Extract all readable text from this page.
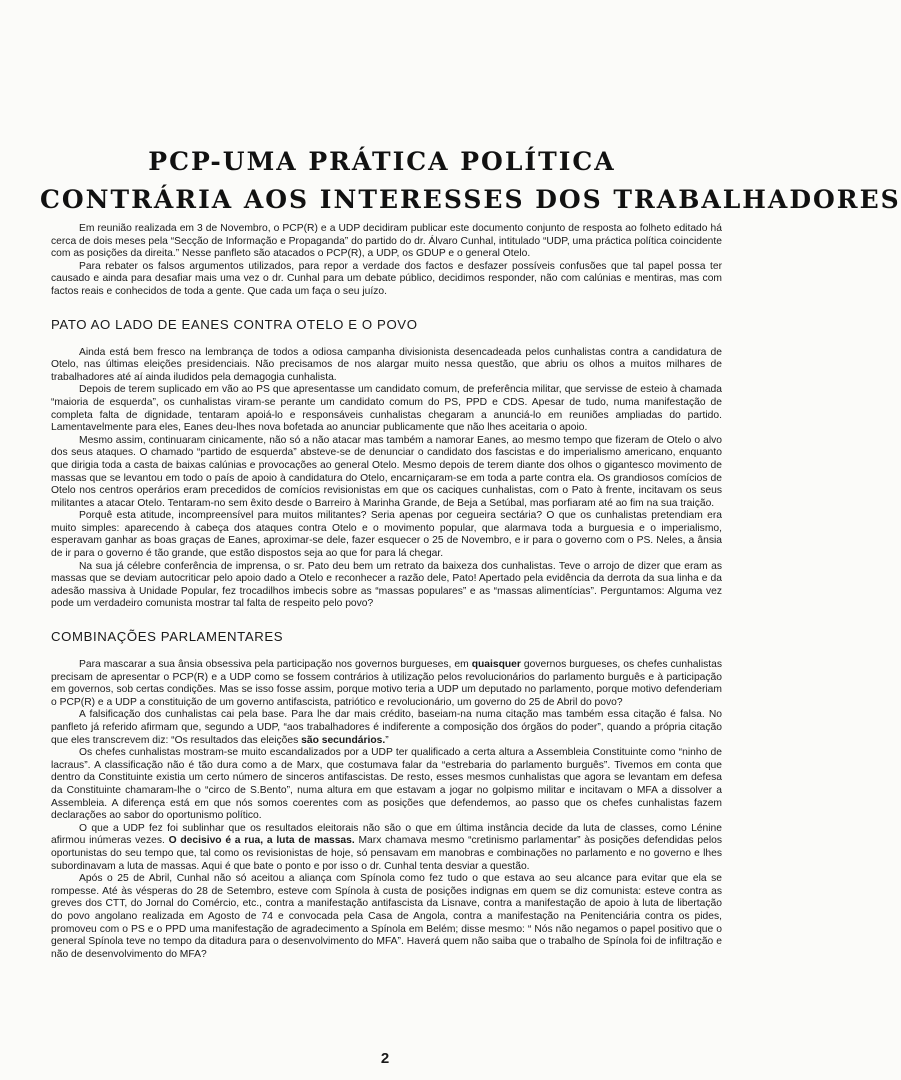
PCP-UMA PRÁTICA POLÍTICA
CONTRÁRIA AOS INTERESSES DOS TRABALHADORES

Em reunião realizada em 3 de Novembro, o PCP(R) e a UDP decidiram publicar este documento conjunto de resposta ao folheto editado há cerca de dois meses pela “Secção de Informação e Propaganda” do partido do dr. Álvaro Cunhal, intitulado “UDP, uma práctica política coincidente com as posições da direita.” Nesse panfleto são atacados o PCP(R), a UDP, os GDUP e o general Otelo.

Para rebater os falsos argumentos utilizados, para repor a verdade dos factos e desfazer possíveis confusões que tal papel possa ter causado e ainda para desafiar mais uma vez o dr. Cunhal para um debate público, decidimos responder, não com calúnias e mentiras, mas com factos reais e conhecidos de toda a gente. Que cada um faça o seu juízo.

PATO AO LADO DE EANES CONTRA OTELO E O POVO

Ainda está bem fresco na lembrança de todos a odiosa campanha divisionista desencadeada pelos cunhalistas contra a candidatura de Otelo, nas últimas eleições presidenciais. Não precisamos de nos alargar muito nessa questão, que abriu os olhos a muitos milhares de trabalhadores até aí ainda iludidos pela demagogia cunhalista.

Depois de terem suplicado em vão ao PS que apresentasse um candidato comum, de preferência militar, que servisse de esteio à chamada “maioria de esquerda”, os cunhalistas viram-se perante um candidato comum do PS, PPD e CDS. Apesar de tudo, numa manifestação de completa falta de dignidade, tentaram apoiá-lo e responsáveis cunhalistas chegaram a anunciá-lo em reuniões ampliadas do partido. Lamentavelmente para eles, Eanes deu-lhes nova bofetada ao anunciar publicamente que não lhes aceitaria o apoio.

Mesmo assim, continuaram cinicamente, não só a não atacar mas também a namorar Eanes, ao mesmo tempo que fizeram de Otelo o alvo dos seus ataques. O chamado “partido de esquerda” absteve-se de denunciar o candidato dos fascistas e do imperialismo americano, enquanto que dirigia toda a casta de baixas calúnias e provocações ao general Otelo. Mesmo depois de terem diante dos olhos o gigantesco movimento de massas que se levantou em todo o país de apoio à candidatura do Otelo, encarniçaram-se em toda a parte contra ela. Os grandiosos comícios de Otelo nos centros operários eram precedidos de comícios revisionistas em que os caciques cunhalistas, com o Pato à frente, incitavam os seus militantes a atacar Otelo. Tentaram-no sem êxito desde o Barreiro à Marinha Grande, de Beja a Setúbal, mas porfiaram até ao fim na sua traição.

Porquê esta atitude, incompreensível para muitos militantes? Seria apenas por cegueira sectária? O que os cunhalistas pretendiam era muito simples: aparecendo à cabeça dos ataques contra Otelo e o movimento popular, que alarmava toda a burguesia e o imperialismo, esperavam ganhar as boas graças de Eanes, aproximar-se dele, fazer esquecer o 25 de Novembro, e ir para o governo com o PS. Neles, a ânsia de ir para o governo é tão grande, que estão dispostos seja ao que for para lá chegar.

Na sua já célebre conferência de imprensa, o sr. Pato deu bem um retrato da baixeza dos cunhalistas. Teve o arrojo de dizer que eram as massas que se deviam autocriticar pelo apoio dado a Otelo e reconhecer a razão dele, Pato! Apertado pela evidência da derrota da sua linha e da adesão massiva à Unidade Popular, fez trocadilhos imbecis sobre as “massas populares” e as “massas alimentícias”. Perguntamos: Alguma vez pode um verdadeiro comunista mostrar tal falta de respeito pelo povo?

COMBINAÇÕES PARLAMENTARES

Para mascarar a sua ânsia obsessiva pela participação nos governos burgueses, em quaisquer governos burgueses, os chefes cunhalistas precisam de apresentar o PCP(R) e a UDP como se fossem contrários à utilização pelos revolucionários do parlamento burguês e à participação em governos, sob certas condições. Mas se isso fosse assim, porque motivo teria a UDP um deputado no parlamento, porque motivo defenderiam o PCP(R) e a UDP a constituição de um governo antifascista, patriótico e revolucionário, um governo do 25 de Abril do povo?

A falsificação dos cunhalistas cai pela base. Para lhe dar mais crédito, baseiam-na numa citação mas também essa citação é falsa. No panfleto já referido afirmam que, segundo a UDP, “aos trabalhadores é indiferente a composição dos órgãos do poder”, quando a própria citação que eles transcrevem diz: “Os resultados das eleições são secundários.”

Os chefes cunhalistas mostram-se muito escandalizados por a UDP ter qualificado a certa altura a Assembleia Constituinte como “ninho de lacraus”. A classificação não é tão dura como a de Marx, que costumava falar da “estrebaria do parlamento burguês”. Tivemos em conta que dentro da Constituinte existia um certo número de sinceros antifascistas. De resto, esses mesmos cunhalistas que agora se levantam em defesa da Constituinte chamaram-lhe o “circo de S.Bento”, numa altura em que estavam a jogar no golpismo militar e incitavam o MFA a dissolver a Assembleia. A diferença está em que nós somos coerentes com as posições que defendemos, ao passo que os chefes cunhalistas fazem declarações ao sabor do oportunismo político.

O que a UDP fez foi sublinhar que os resultados eleitorais não são o que em última instância decide da luta de classes, como Lénine afirmou inúmeras vezes. O decisivo é a rua, a luta de massas. Marx chamava mesmo “cretinismo parlamentar” às posições defendidas pelos oportunistas do seu tempo que, tal como os revisionistas de hoje, só pensavam em manobras e combinações no parlamento e no governo e lhes subordinavam a luta de massas. Aqui é que bate o ponto e por isso o dr. Cunhal tenta desviar a questão.

Após o 25 de Abril, Cunhal não só aceitou a aliança com Spínola como fez tudo o que estava ao seu alcance para evitar que ela se rompesse. Até às vésperas do 28 de Setembro, esteve com Spínola à custa de posições indignas em quem se diz comunista: esteve contra as greves dos CTT, do Jornal do Comércio, etc., contra a manifestação antifascista da Lisnave, contra a manifestação de apoio à luta de libertação do povo angolano realizada em Agosto de 74 e convocada pela Casa de Angola, contra a manifestação na Penitenciária contra os pides, promoveu com o PS e o PPD uma manifestação de agradecimento a Spínola em Belém; disse mesmo: “ Nós não negamos o papel positivo que o general Spínola teve no tempo da ditadura para o desenvolvimento do MFA”. Haverá quem não saiba que o trabalho de Spínola foi de infiltração e não de desenvolvimento do MFA?

2
